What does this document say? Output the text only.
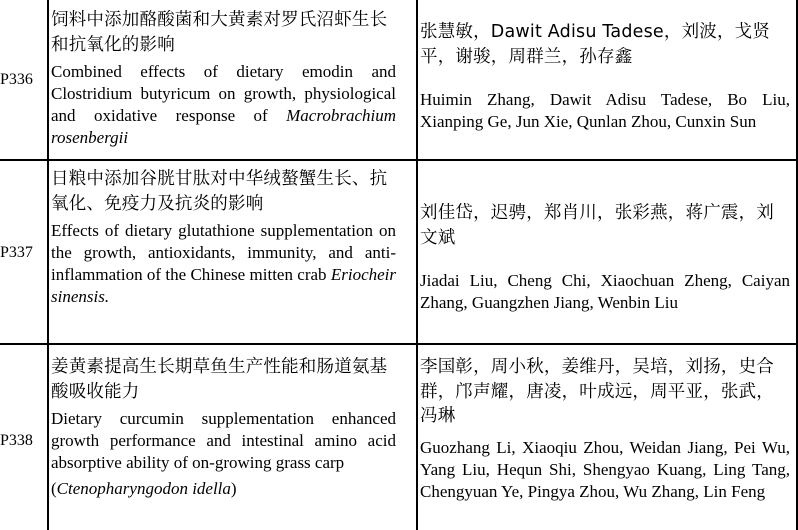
P336

饲料中添加酪酸菌和大黄素对罗氏沼虾生长和抗氧化的影响

Combined effects of dietary emodin and Clostridium butyricum on growth, physiological and oxidative response of Macrobrachium rosenbergii

张慧敏，Dawit Adisu Tadese，刘波，戈贤平，谢骏，周群兰，孙存鑫

Huimin Zhang, Dawit Adisu Tadese, Bo Liu, Xianping Ge, Jun Xie, Qunlan Zhou, Cunxin Sun

P337

日粮中添加谷胱甘肽对中华绒螯蟹生长、抗氧化、免疫力及抗炎的影响

Effects of dietary glutathione supplementation on the growth, antioxidants, immunity, and anti-inflammation of the Chinese mitten crab Eriocheir sinensis.

刘佳岱，迟骋，郑肖川，张彩燕，蒋广震，刘文斌

Jiadai Liu, Cheng Chi, Xiaochuan Zheng, Caiyan Zhang, Guangzhen Jiang, Wenbin Liu

P338

姜黄素提高生长期草鱼生产性能和肠道氨基酸吸收能力

Dietary curcumin supplementation enhanced growth performance and intestinal amino acid absorptive ability of on-growing grass carp

(Ctenopharyngodon idella)

李国彰，周小秋，姜维丹，吴培，刘扬，史合群，邝声耀，唐凌，叶成远，周平亚，张武，冯琳

Guozhang Li, Xiaoqiu Zhou, Weidan Jiang, Pei Wu, Yang Liu, Hequn Shi, Shengyao Kuang, Ling Tang, Chengyuan Ye, Pingya Zhou, Wu Zhang, Lin Feng
